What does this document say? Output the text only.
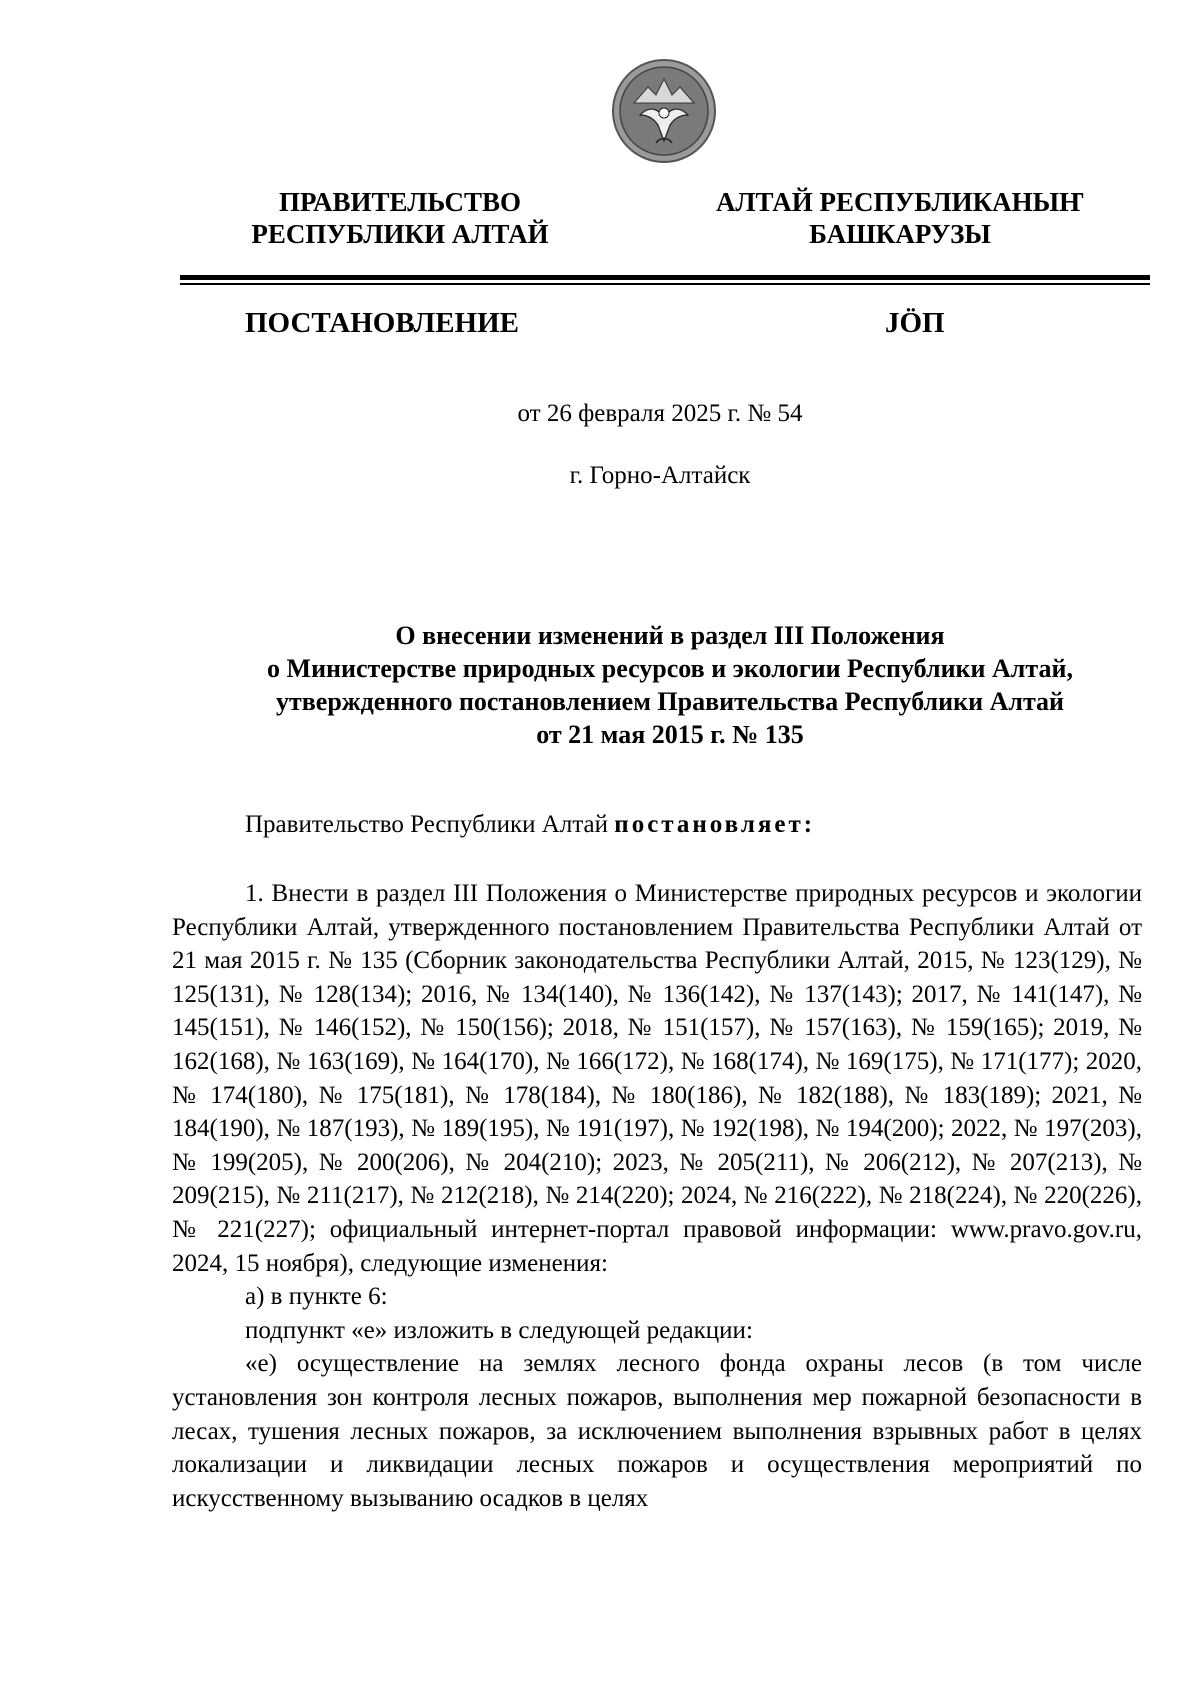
ПРАВИТЕЛЬСТВО
РЕСПУБЛИКИ АЛТАЙ
АЛТАЙ РЕСПУБЛИКАНЫҤ
БАШКАРУЗЫ
ПОСТАНОВЛЕНИЕ	JÖП
от 26 февраля 2025 г. № 54
г. Горно-Алтайск
О внесении изменений в раздел III Положения
о Министерстве природных ресурсов и экологии Республики Алтай,
утвержденного постановлением Правительства Республики Алтай
от 21 мая 2015 г. № 135
Правительство Республики Алтай постановляет:

1. Внести в раздел III Положения о Министерстве природных ресурсов и экологии Республики Алтай, утвержденного постановлением Правительства Республики Алтай от 21 мая 2015 г. № 135 (Сборник законодательства Республики Алтай, 2015, № 123(129), № 125(131), № 128(134); 2016, № 134(140), № 136(142), № 137(143); 2017, № 141(147), № 145(151), № 146(152), № 150(156); 2018, № 151(157), № 157(163), № 159(165); 2019, № 162(168), № 163(169), № 164(170), № 166(172), № 168(174), № 169(175), № 171(177); 2020, № 174(180), № 175(181), № 178(184), № 180(186), № 182(188), № 183(189); 2021, № 184(190), № 187(193), № 189(195), № 191(197), № 192(198), № 194(200); 2022, № 197(203), № 199(205), № 200(206), № 204(210); 2023, № 205(211), № 206(212), № 207(213), № 209(215), № 211(217), № 212(218), № 214(220); 2024, № 216(222), № 218(224), № 220(226), № 221(227); официальный интернет-портал правовой информации: www.pravo.gov.ru, 2024, 15 ноября), следующие изменения:

а) в пункте 6:

подпункт «е» изложить в следующей редакции:

«е) осуществление на землях лесного фонда охраны лесов (в том числе установления зон контроля лесных пожаров, выполнения мер пожарной безопасности в лесах, тушения лесных пожаров, за исключением выполнения взрывных работ в целях локализации и ликвидации лесных пожаров и осуществления мероприятий по искусственному вызыванию осадков в целях
